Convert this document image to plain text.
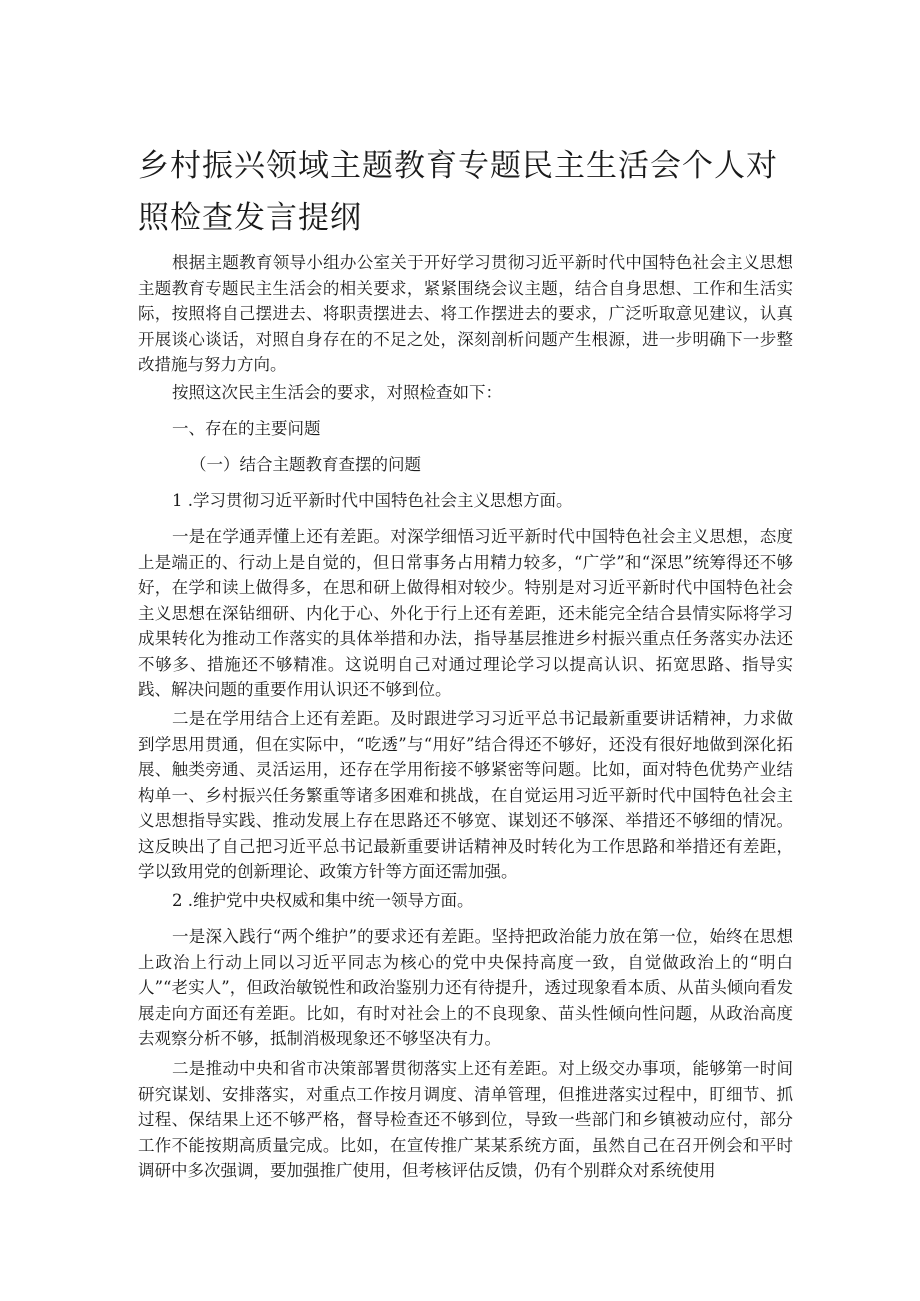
乡村振兴领域主题教育专题民主生活会个人对照检查发言提纲

根据主题教育领导小组办公室关于开好学习贯彻习近平新时代中国特色社会主义思想主题教育专题民主生活会的相关要求，紧紧围绕会议主题，结合自身思想、工作和生活实际，按照将自己摆进去、将职责摆进去、将工作摆进去的要求，广泛听取意见建议，认真开展谈心谈话，对照自身存在的不足之处，深刻剖析问题产生根源，进一步明确下一步整改措施与努力方向。

按照这次民主生活会的要求，对照检查如下：

一、存在的主要问题

（一）结合主题教育查摆的问题

1 .学习贯彻习近平新时代中国特色社会主义思想方面。

一是在学通弄懂上还有差距。对深学细悟习近平新时代中国特色社会主义思想，态度上是端正的、行动上是自觉的，但日常事务占用精力较多，“广学”和“深思”统筹得还不够好，在学和读上做得多，在思和研上做得相对较少。特别是对习近平新时代中国特色社会主义思想在深钻细研、内化于心、外化于行上还有差距，还未能完全结合县情实际将学习成果转化为推动工作落实的具体举措和办法，指导基层推进乡村振兴重点任务落实办法还不够多、措施还不够精准。这说明自己对通过理论学习以提高认识、拓宽思路、指导实践、解决问题的重要作用认识还不够到位。

二是在学用结合上还有差距。及时跟进学习习近平总书记最新重要讲话精神，力求做到学思用贯通，但在实际中，“吃透”与“用好”结合得还不够好，还没有很好地做到深化拓展、触类旁通、灵活运用，还存在学用衔接不够紧密等问题。比如，面对特色优势产业结构单一、乡村振兴任务繁重等诸多困难和挑战，在自觉运用习近平新时代中国特色社会主义思想指导实践、推动发展上存在思路还不够宽、谋划还不够深、举措还不够细的情况。这反映出了自己把习近平总书记最新重要讲话精神及时转化为工作思路和举措还有差距，学以致用党的创新理论、政策方针等方面还需加强。

2 .维护党中央权威和集中统一领导方面。

一是深入践行“两个维护”的要求还有差距。坚持把政治能力放在第一位，始终在思想上政治上行动上同以习近平同志为核心的党中央保持高度一致，自觉做政治上的“明白人”“老实人”，但政治敏锐性和政治鉴别力还有待提升，透过现象看本质、从苗头倾向看发展走向方面还有差距。比如，有时对社会上的不良现象、苗头性倾向性问题，从政治高度去观察分析不够，抵制消极现象还不够坚决有力。

二是推动中央和省市决策部署贯彻落实上还有差距。对上级交办事项，能够第一时间研究谋划、安排落实，对重点工作按月调度、清单管理，但推进落实过程中，盯细节、抓过程、保结果上还不够严格，督导检查还不够到位，导致一些部门和乡镇被动应付，部分工作不能按期高质量完成。比如，在宣传推广某某系统方面，虽然自己在召开例会和平时调研中多次强调，要加强推广使用，但考核评估反馈，仍有个别群众对系统使用
